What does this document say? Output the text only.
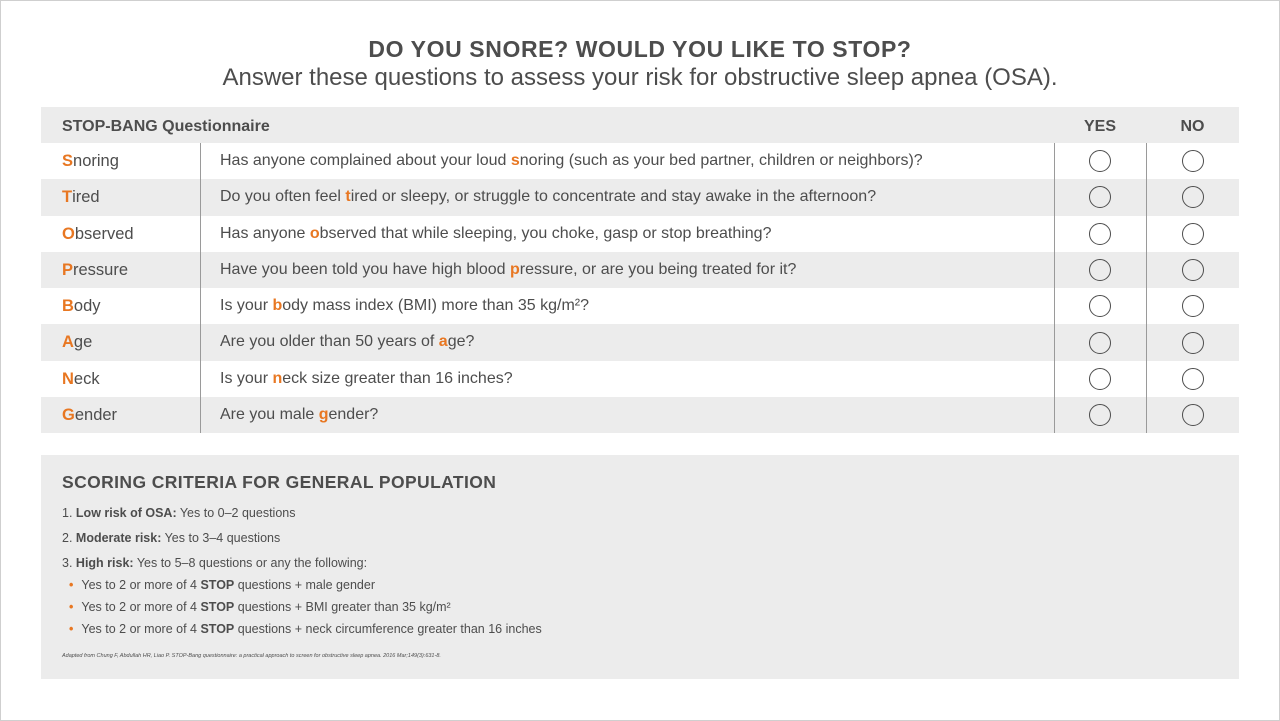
DO YOU SNORE? WOULD YOU LIKE TO STOP?
Answer these questions to assess your risk for obstructive sleep apnea (OSA).
STOP-BANG Questionnaire	YES	NO
Snoring	Has anyone complained about your loud snoring (such as your bed partner, children or neighbors)?
Tired	Do you often feel tired or sleepy, or struggle to concentrate and stay awake in the afternoon?
Observed	Has anyone observed that while sleeping, you choke, gasp or stop breathing?
Pressure	Have you been told you have high blood pressure, or are you being treated for it?
Body	Is your body mass index (BMI) more than 35 kg/m²?
Age	Are you older than 50 years of age?
Neck	Is your neck size greater than 16 inches?
Gender	Are you male gender?
SCORING CRITERIA FOR GENERAL POPULATION
1. Low risk of OSA: Yes to 0–2 questions
2. Moderate risk: Yes to 3–4 questions
3. High risk: Yes to 5–8 questions or any the following:
• Yes to 2 or more of 4 STOP questions + male gender
• Yes to 2 or more of 4 STOP questions + BMI greater than 35 kg/m²
• Yes to 2 or more of 4 STOP questions + neck circumference greater than 16 inches
Adapted from Chung F, Abdullah HR, Liao P. STOP-Bang questionnaire: a practical approach to screen for obstructive sleep apnea. 2016 Mar;149(3):631-8.
